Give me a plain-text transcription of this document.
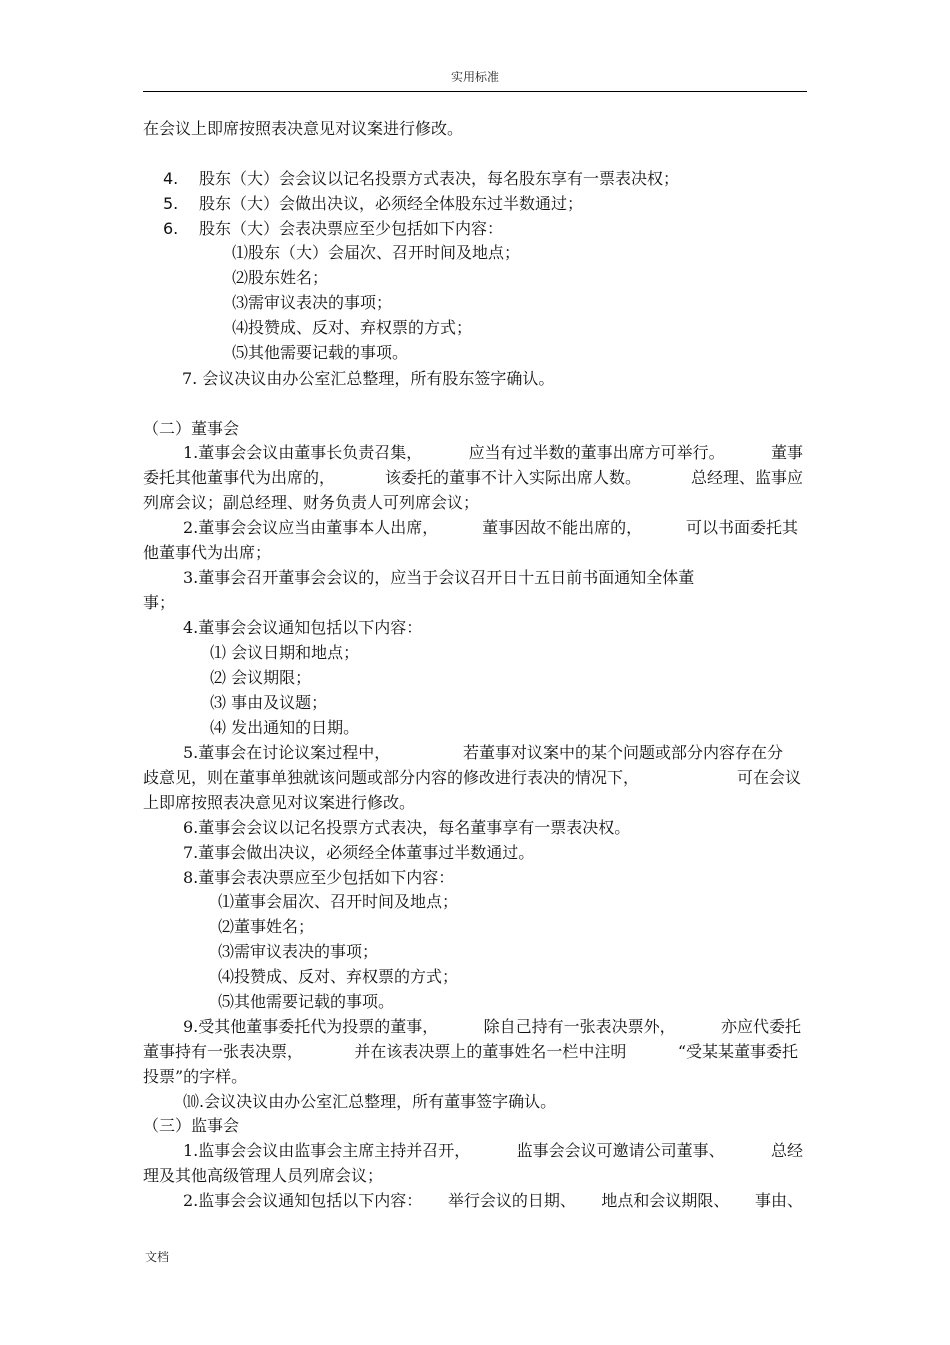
实用标准
在会议上即席按照表决意见对议案进行修改。
4. 股东（大）会会议以记名投票方式表决，每名股东享有一票表决权；
5. 股东（大）会做出决议，必须经全体股东过半数通过；
6. 股东（大）会表决票应至少包括如下内容：
⑴股东（大）会届次、召开时间及地点；
⑵股东姓名；
⑶需审议表决的事项；
⑷投赞成、反对、弃权票的方式；
⑸其他需要记载的事项。
7. 会议决议由办公室汇总整理，所有股东签字确认。
（二）董事会
1.董事会会议由董事长负责召集，	应当有过半数的董事出席方可举行。	董事
委托其他董事代为出席的，	该委托的董事不计入实际出席人数。	总经理、监事应
列席会议；副总经理、财务负责人可列席会议；
2.董事会会议应当由董事本人出席，	董事因故不能出席的，	可以书面委托其
他董事代为出席；
3.董事会召开董事会会议的，应当于会议召开日十五日前书面通知全体董
事；
4.董事会会议通知包括以下内容：
⑴ 会议日期和地点；
⑵ 会议期限；
⑶ 事由及议题；
⑷ 发出通知的日期。
5.董事会在讨论议案过程中，	若董事对议案中的某个问题或部分内容存在分
歧意见，则在董事单独就该问题或部分内容的修改进行表决的情况下，	可在会议
上即席按照表决意见对议案进行修改。
6.董事会会议以记名投票方式表决，每名董事享有一票表决权。
7.董事会做出决议，必须经全体董事过半数通过。
8.董事会表决票应至少包括如下内容：
⑴董事会届次、召开时间及地点；
⑵董事姓名；
⑶需审议表决的事项；
⑷投赞成、反对、弃权票的方式；
⑸其他需要记载的事项。
9.受其他董事委托代为投票的董事，	除自己持有一张表决票外，	亦应代委托
董事持有一张表决票，	并在该表决票上的董事姓名一栏中注明	“受某某董事委托
投票”的字样。
⑽.会议决议由办公室汇总整理，所有董事签字确认。
（三）监事会
1.监事会会议由监事会主席主持并召开，	监事会会议可邀请公司董事、	总经
理及其他高级管理人员列席会议；
2.监事会会议通知包括以下内容： 举行会议的日期、 地点和会议期限、 事由、
文档
